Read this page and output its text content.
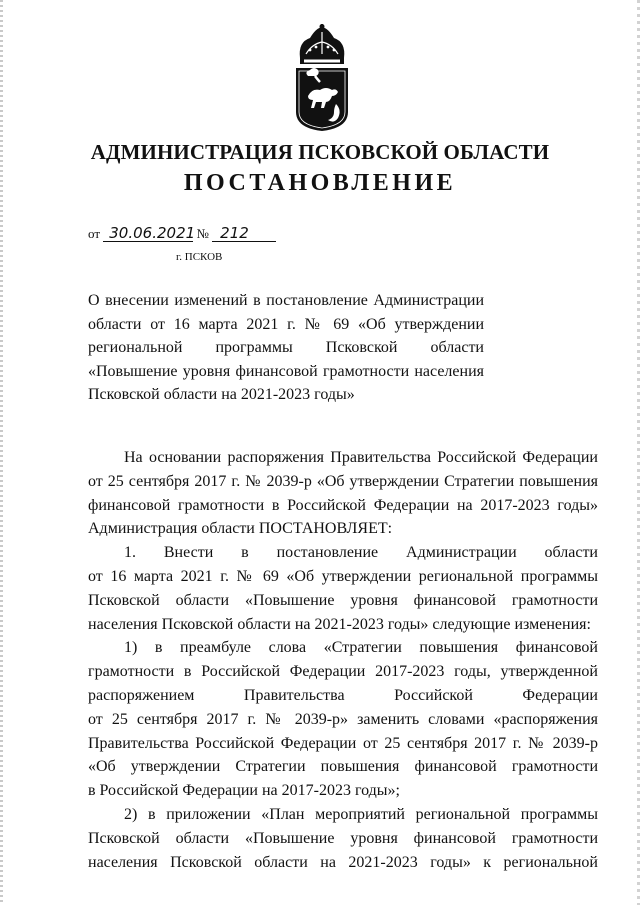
АДМИНИСТРАЦИЯ ПСКОВСКОЙ ОБЛАСТИ
ПОСТАНОВЛЕНИЕ
от 30.06.2021 № 212
г. ПСКОВ
О внесении изменений в постановление Администрации
области от 16 марта 2021 г. № 69 «Об утверждении
региональной программы Псковской области
«Повышение уровня финансовой грамотности населения
Псковской области на 2021-2023 годы»
На основании распоряжения Правительства Российской Федерации
от 25 сентября 2017 г. № 2039-р «Об утверждении Стратегии повышения
финансовой грамотности в Российской Федерации на 2017-2023 годы»
Администрация области ПОСТАНОВЛЯЕТ:
1. Внести в постановление Администрации области
от 16 марта 2021 г. № 69 «Об утверждении региональной программы
Псковской области «Повышение уровня финансовой грамотности
населения Псковской области на 2021-2023 годы» следующие изменения:
1) в преамбуле слова «Стратегии повышения финансовой
грамотности в Российской Федерации 2017-2023 годы, утвержденной
распоряжением Правительства Российской Федерации
от 25 сентября 2017 г. № 2039-р» заменить словами «распоряжения
Правительства Российской Федерации от 25 сентября 2017 г. № 2039-р
«Об утверждении Стратегии повышения финансовой грамотности
в Российской Федерации на 2017-2023 годы»;
2) в приложении «План мероприятий региональной программы
Псковской области «Повышение уровня финансовой грамотности
населения Псковской области на 2021-2023 годы» к региональной
